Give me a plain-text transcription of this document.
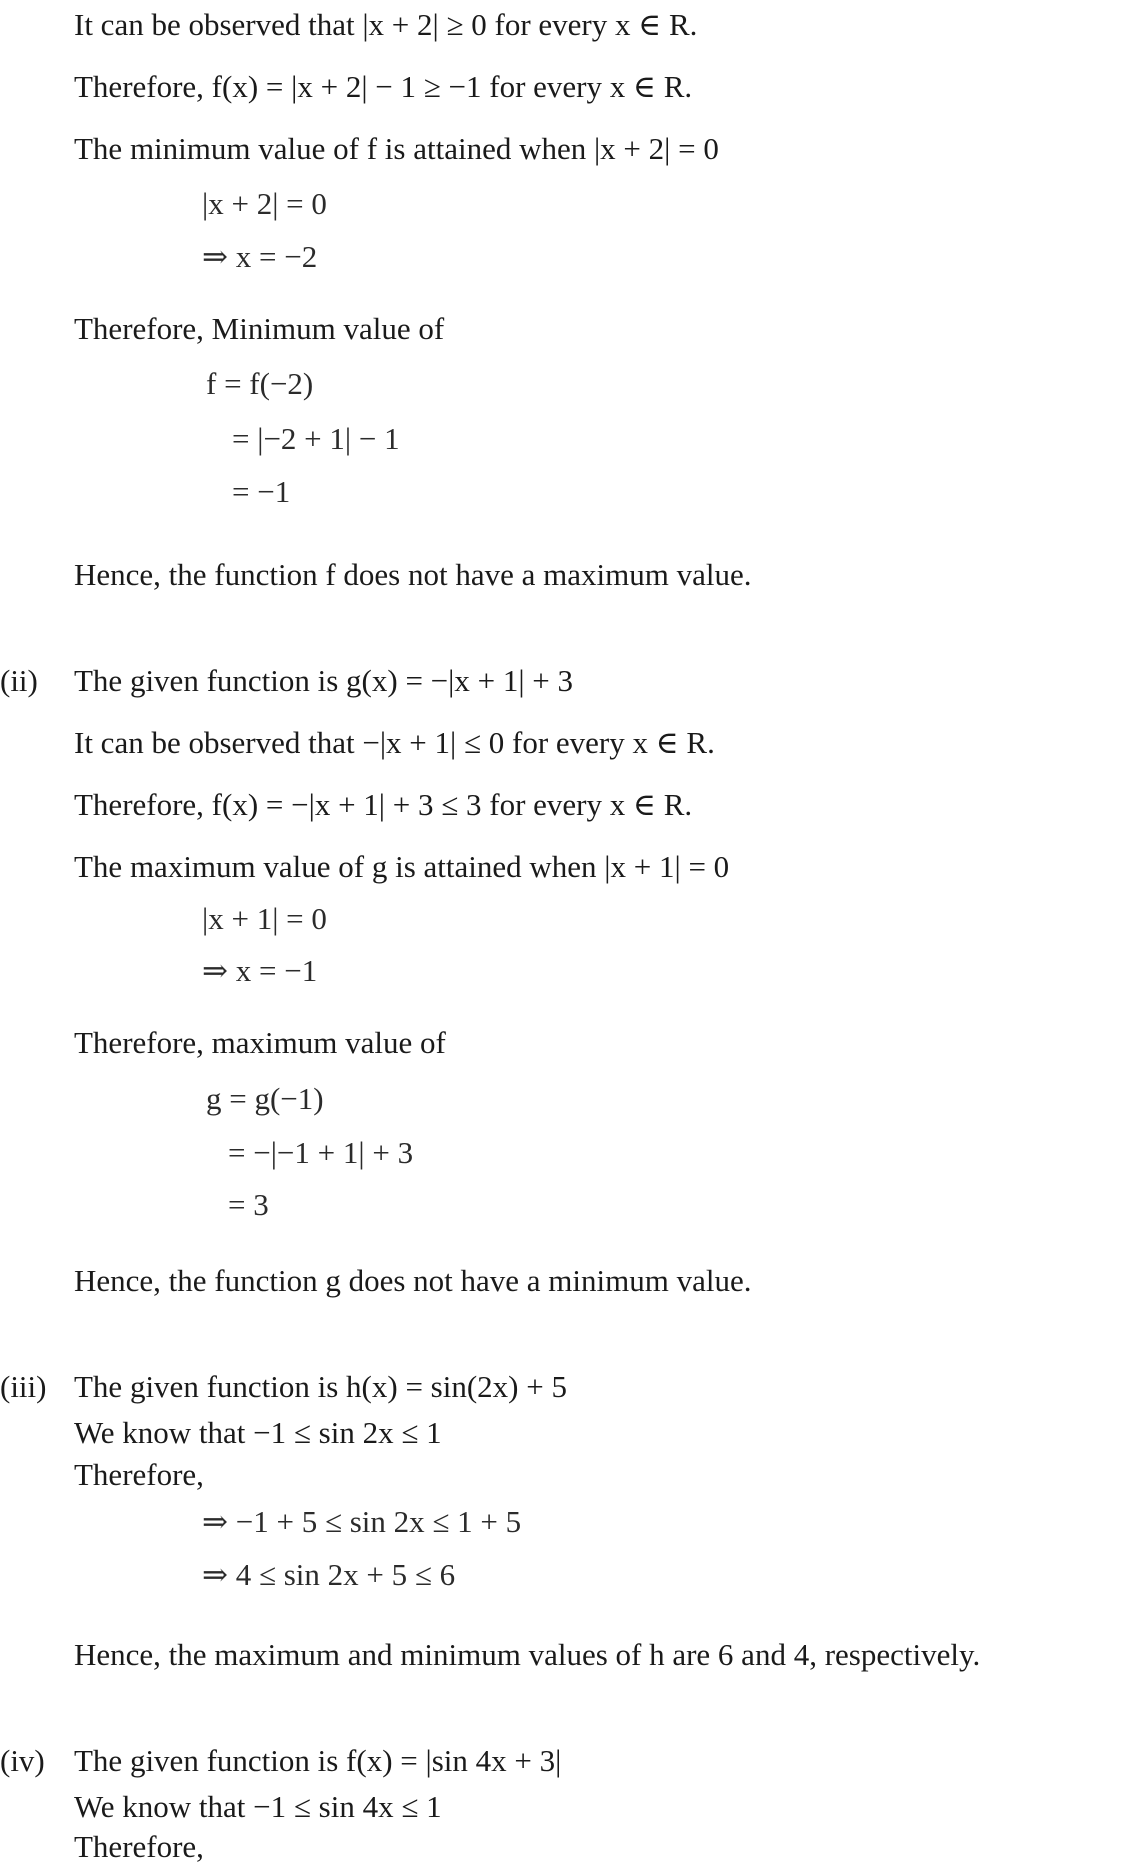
It can be observed that |x + 2| ≥ 0 for every x ∈ R.
Therefore, f(x) = |x + 2| − 1 ≥ −1 for every x ∈ R.
The minimum value of f is attained when |x + 2| = 0
|x + 2| = 0
⇒ x = −2
Therefore, Minimum value of
f = f(−2)
= |−2 + 1| − 1
= −1
Hence, the function f does not have a maximum value.
(ii) The given function is g(x) = −|x + 1| + 3
It can be observed that −|x + 1| ≤ 0 for every x ∈ R.
Therefore, f(x) = −|x + 1| + 3 ≤ 3 for every x ∈ R.
The maximum value of g is attained when |x + 1| = 0
|x + 1| = 0
⇒ x = −1
Therefore, maximum value of
g = g(−1)
= −|−1 + 1| + 3
= 3
Hence, the function g does not have a minimum value.
(iii) The given function is h(x) = sin(2x) + 5
We know that −1 ≤ sin 2x ≤ 1
Therefore,
⇒ −1 + 5 ≤ sin 2x ≤ 1 + 5
⇒ 4 ≤ sin 2x + 5 ≤ 6
Hence, the maximum and minimum values of h are 6 and 4, respectively.
(iv) The given function is f(x) = |sin 4x + 3|
We know that −1 ≤ sin 4x ≤ 1
Therefore,
